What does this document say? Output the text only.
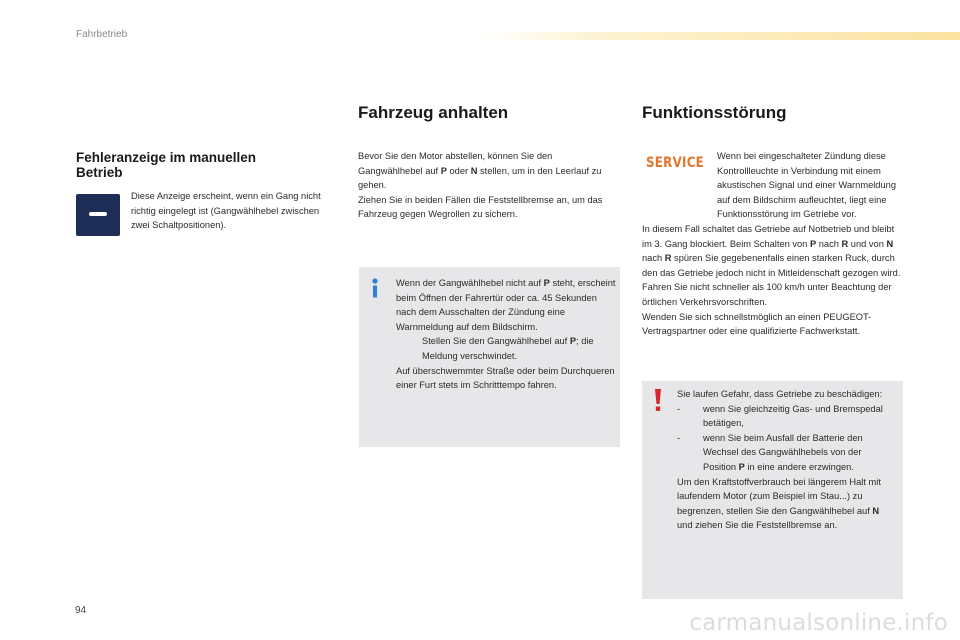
Fahrbetrieb
Fehleranzeige im manuellen Betrieb
Diese Anzeige erscheint, wenn ein Gang nicht richtig eingelegt ist (Gangwählhebel zwischen zwei Schaltpositionen).
Fahrzeug anhalten
Bevor Sie den Motor abstellen, können Sie den Gangwählhebel auf P oder N stellen, um in den Leerlauf zu gehen.
Ziehen Sie in beiden Fällen die Feststellbremse an, um das Fahrzeug gegen Wegrollen zu sichern.
Wenn der Gangwählhebel nicht auf P steht, erscheint beim Öffnen der Fahrertür oder ca. 45 Sekunden nach dem Ausschalten der Zündung eine Warnmeldung auf dem Bildschirm.
Stellen Sie den Gangwählhebel auf P; die Meldung verschwindet.
Auf überschwemmter Straße oder beim Durchqueren einer Furt stets im Schritttempo fahren.
Funktionsstörung
SERVICE	Wenn bei eingeschalteter Zündung diese Kontrollleuchte in Verbindung mit einem akustischen Signal und einer Warnmeldung auf dem Bildschirm aufleuchtet, liegt eine Funktionsstörung im Getriebe vor.
In diesem Fall schaltet das Getriebe auf Notbetrieb und bleibt im 3. Gang blockiert. Beim Schalten von P nach R und von N nach R spüren Sie gegebenenfalls einen starken Ruck, durch den das Getriebe jedoch nicht in Mitleidenschaft gezogen wird.
Fahren Sie nicht schneller als 100 km/h unter Beachtung der örtlichen Verkehrsvorschriften.
Wenden Sie sich schnellstmöglich an einen PEUGEOT-Vertragspartner oder eine qualifizierte Fachwerkstatt.
Sie laufen Gefahr, dass Getriebe zu beschädigen:
- wenn Sie gleichzeitig Gas- und Bremspedal betätigen,
- wenn Sie beim Ausfall der Batterie den Wechsel des Gangwählhebels von der Position P in eine andere erzwingen.
Um den Kraftstoffverbrauch bei längerem Halt mit laufendem Motor (zum Beispiel im Stau...) zu begrenzen, stellen Sie den Gangwählhebel auf N und ziehen Sie die Feststellbremse an.
94	carmanualsonline.info
